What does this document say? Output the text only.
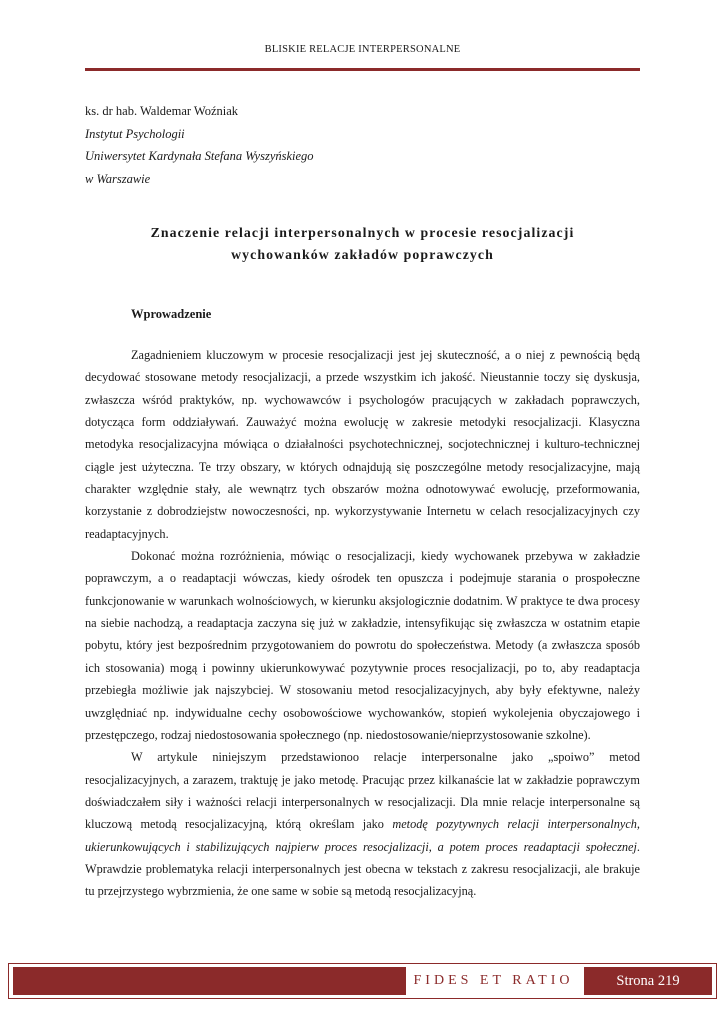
BLISKIE RELACJE INTERPERSONALNE
ks. dr hab. Waldemar Woźniak
Instytut Psychologii
Uniwersytet Kardynała Stefana Wyszyńskiego
w Warszawie
Znaczenie relacji interpersonalnych w procesie resocjalizacji
wychowanków zakładów poprawczych
Wprowadzenie

Zagadnieniem kluczowym w procesie resocjalizacji jest jej skuteczność, a o niej z pewnością będą decydować stosowane metody resocjalizacji, a przede wszystkim ich jakość. Nieustannie toczy się dyskusja, zwłaszcza wśród praktyków, np. wychowawców i psychologów pracujących w zakładach poprawczych, dotycząca form oddziaływań. Zauważyć można ewolucję w zakresie metodyki resocjalizacji. Klasyczna metodyka resocjalizacyjna mówiąca o działalności psychotechnicznej, socjotechnicznej i kulturo-technicznej ciągle jest użyteczna. Te trzy obszary, w których odnajdują się poszczególne metody resocjalizacyjne, mają charakter względnie stały, ale wewnątrz tych obszarów można odnotowywać ewolucję, przeformowania, korzystanie z dobrodziejstw nowoczesności, np. wykorzystywanie Internetu w celach resocjalizacyjnych czy readaptacyjnych.

Dokonać można rozróżnienia, mówiąc o resocjalizacji, kiedy wychowanek przebywa w zakładzie poprawczym, a o readaptacji wówczas, kiedy ośrodek ten opuszcza i podejmuje starania o prospołeczne funkcjonowanie w warunkach wolnościowych, w kierunku aksjologicznie dodatnim. W praktyce te dwa procesy na siebie nachodzą, a readaptacja zaczyna się już w zakładzie, intensyfikując się zwłaszcza w ostatnim etapie pobytu, który jest bezpośrednim przygotowaniem do powrotu do społeczeństwa. Metody (a zwłaszcza sposób ich stosowania) mogą i powinny ukierunkowywać pozytywnie proces resocjalizacji, po to, aby readaptacja przebiegła możliwie jak najszybciej. W stosowaniu metod resocjalizacyjnych, aby były efektywne, należy uwzględniać np. indywidualne cechy osobowościowe wychowanków, stopień wykolejenia obyczajowego i przestępczego, rodzaj niedostosowania społecznego (np. niedostosowanie/nieprzystosowanie szkolne).

W artykule niniejszym przedstawionoo relacje interpersonalne jako „spoiwo” metod resocjalizacyjnych, a zarazem, traktuję je jako metodę. Pracując przez kilkanaście lat w zakładzie poprawczym doświadczałem siły i ważności relacji interpersonalnych w resocjalizacji. Dla mnie relacje interpersonalne są kluczową metodą resocjalizacyjną, którą określam jako metodę pozytywnych relacji interpersonalnych, ukierunkowujących i stabilizujących najpierw proces resocjalizacji, a potem proces readaptacji społecznej. Wprawdzie problematyka relacji interpersonalnych jest obecna w tekstach z zakresu resocjalizacji, ale brakuje tu przejrzystego wybrzmienia, że one same w sobie są metodą resocjalizacyjną.

FIDES ET RATIO	Strona 219
